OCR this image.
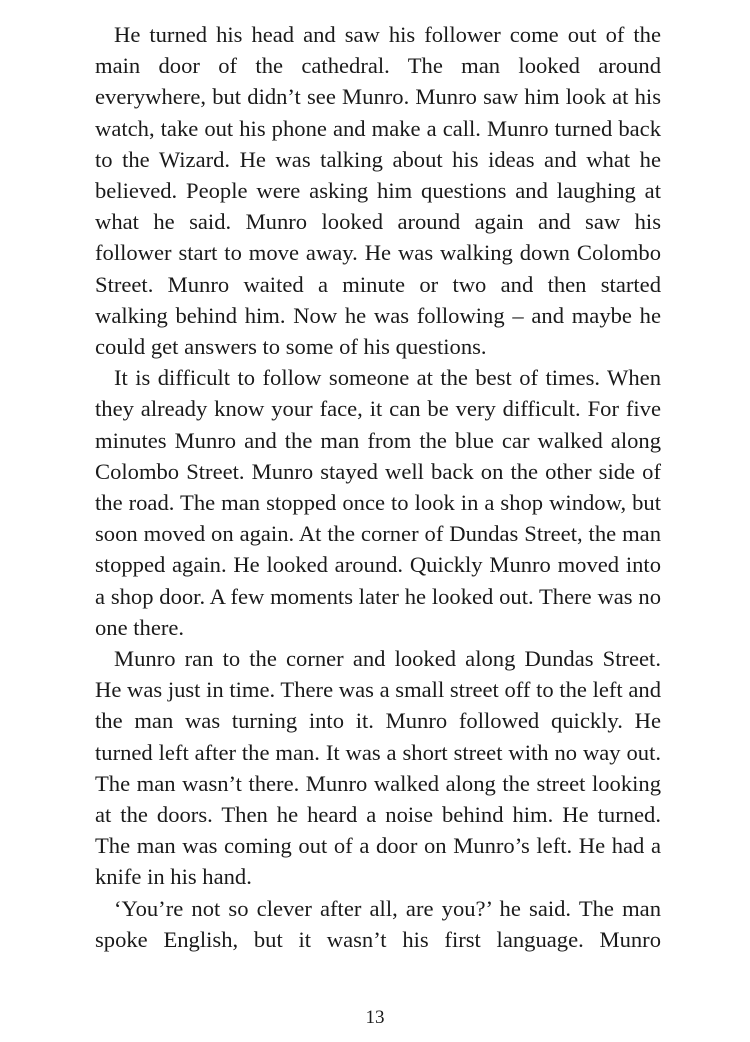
He turned his head and saw his follower come out of the main door of the cathedral. The man looked around everywhere, but didn’t see Munro. Munro saw him look at his watch, take out his phone and make a call. Munro turned back to the Wizard. He was talking about his ideas and what he believed. People were asking him questions and laughing at what he said. Munro looked around again and saw his follower start to move away. He was walking down Colombo Street. Munro waited a minute or two and then started walking behind him. Now he was following – and maybe he could get answers to some of his questions.

It is difficult to follow someone at the best of times. When they already know your face, it can be very difficult. For five minutes Munro and the man from the blue car walked along Colombo Street. Munro stayed well back on the other side of the road. The man stopped once to look in a shop window, but soon moved on again. At the corner of Dundas Street, the man stopped again. He looked around. Quickly Munro moved into a shop door. A few moments later he looked out. There was no one there.

Munro ran to the corner and looked along Dundas Street. He was just in time. There was a small street off to the left and the man was turning into it. Munro followed quickly. He turned left after the man. It was a short street with no way out. The man wasn’t there. Munro walked along the street looking at the doors. Then he heard a noise behind him. He turned. The man was coming out of a door on Munro’s left. He had a knife in his hand.

‘You’re not so clever after all, are you?’ he said. The man spoke English, but it wasn’t his first language. Munro

13
